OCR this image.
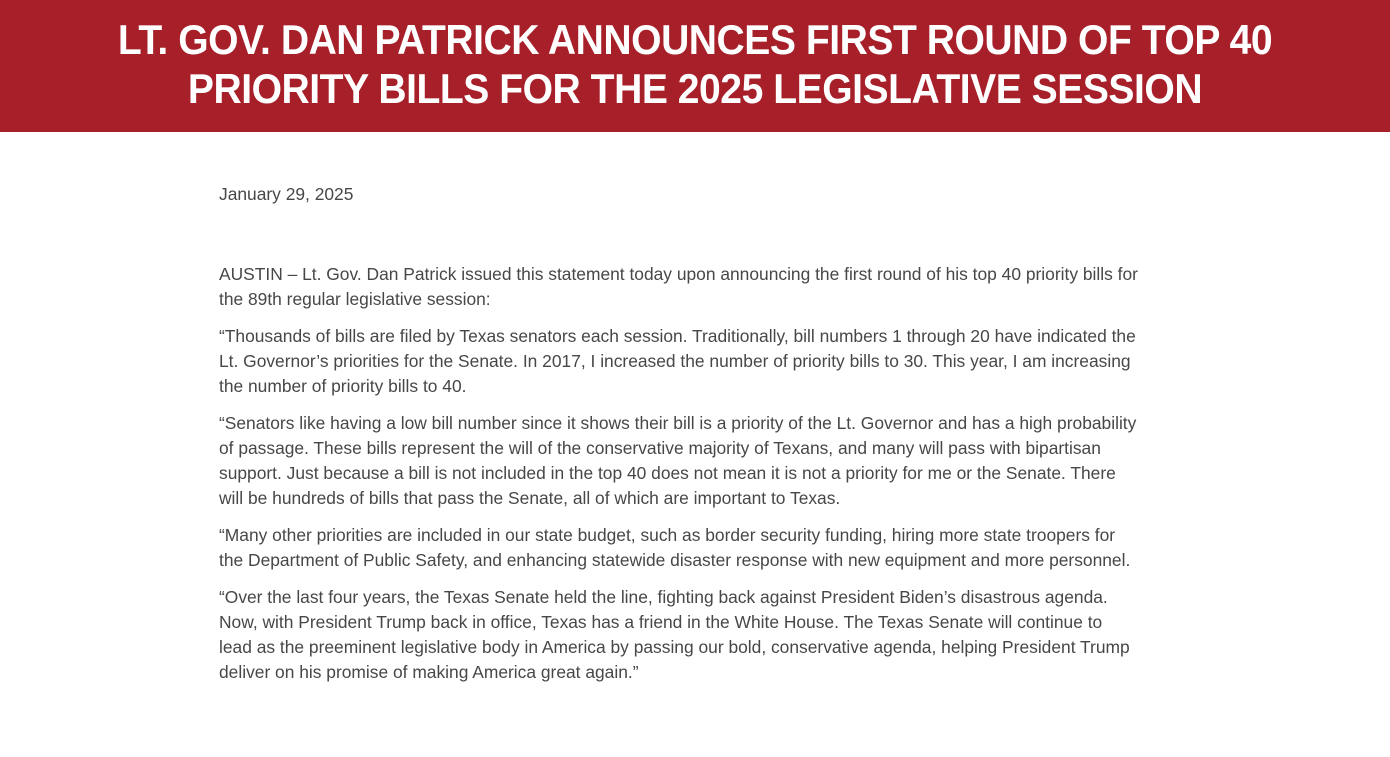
LT. GOV. DAN PATRICK ANNOUNCES FIRST ROUND OF TOP 40 PRIORITY BILLS FOR THE 2025 LEGISLATIVE SESSION

January 29, 2025

AUSTIN – Lt. Gov. Dan Patrick issued this statement today upon announcing the first round of his top 40 priority bills for the 89th regular legislative session:

“Thousands of bills are filed by Texas senators each session. Traditionally, bill numbers 1 through 20 have indicated the Lt. Governor’s priorities for the Senate. In 2017, I increased the number of priority bills to 30. This year, I am increasing the number of priority bills to 40.

“Senators like having a low bill number since it shows their bill is a priority of the Lt. Governor and has a high probability of passage. These bills represent the will of the conservative majority of Texans, and many will pass with bipartisan support. Just because a bill is not included in the top 40 does not mean it is not a priority for me or the Senate. There will be hundreds of bills that pass the Senate, all of which are important to Texas.

“Many other priorities are included in our state budget, such as border security funding, hiring more state troopers for the Department of Public Safety, and enhancing statewide disaster response with new equipment and more personnel.

“Over the last four years, the Texas Senate held the line, fighting back against President Biden’s disastrous agenda. Now, with President Trump back in office, Texas has a friend in the White House. The Texas Senate will continue to lead as the preeminent legislative body in America by passing our bold, conservative agenda, helping President Trump deliver on his promise of making America great again.”
